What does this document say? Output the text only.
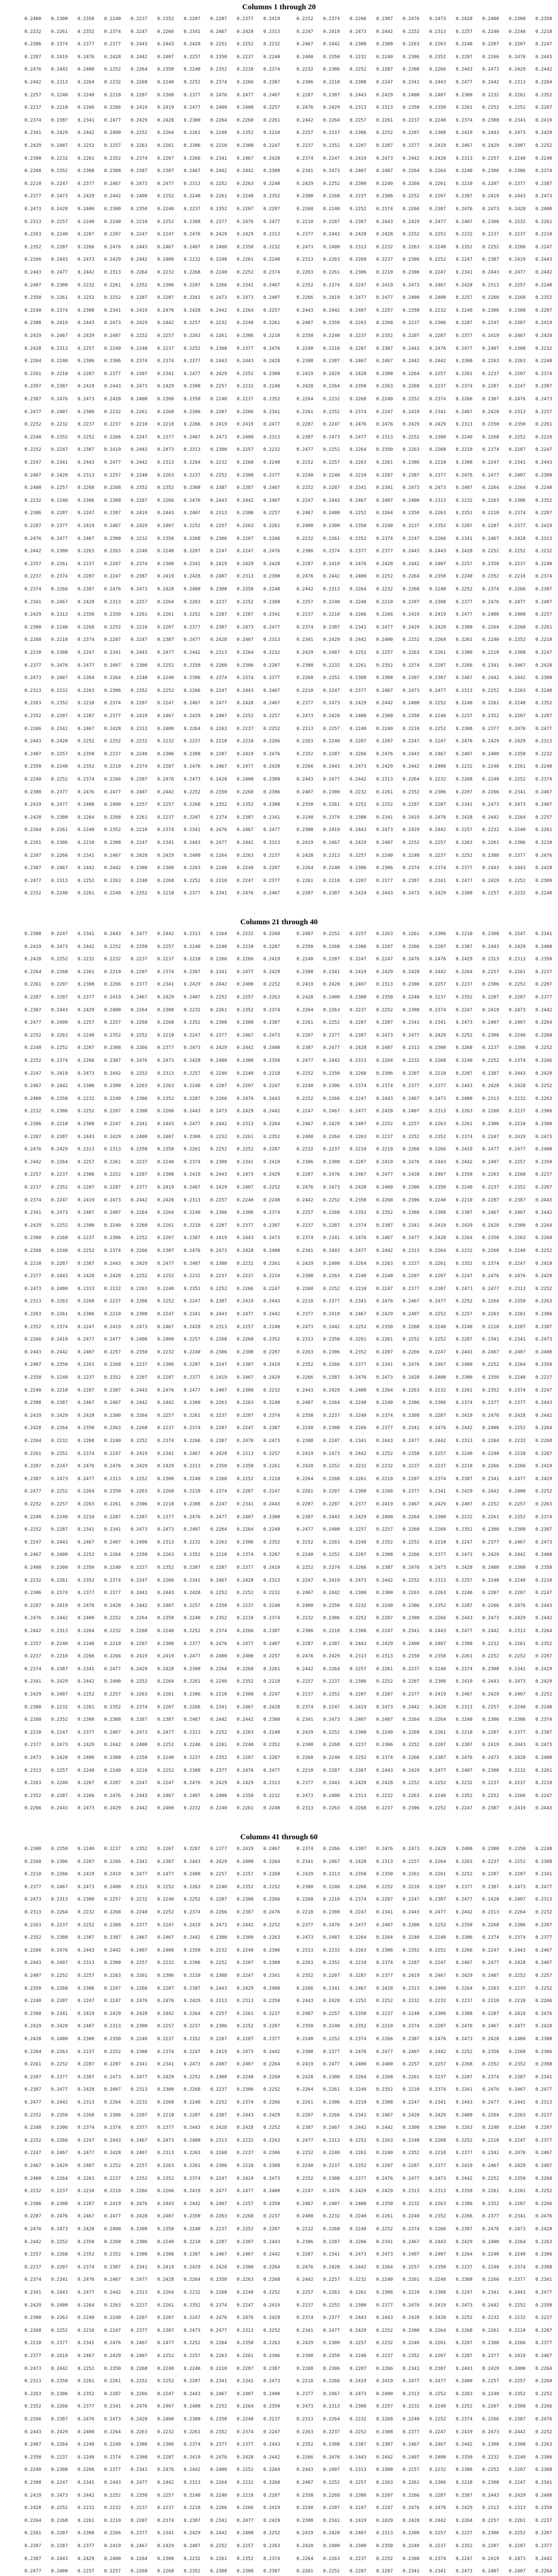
Columns 1 through 20
0.2400	0.2300	0.2350	0.2240	0.2237	0.2352	0.2207	0.2287	0.2377	0.2419
0.2232	0.2261	0.2352	0.2374	0.2247	0.2266	0.2341	0.2467	0.2428	0.2313
0.2306	0.2374	0.2377	0.2377	0.2443	0.2443	0.2428	0.2252	0.2252	0.2232
0.2287	0.2419	0.2476	0.2428	0.2442	0.2407	0.2257	0.2350	0.2237	0.2240
0.2476	0.2442	0.2400	0.2252	0.2264	0.2350	0.2240	0.2352	0.2210	0.2374
0.2442	0.2313	0.2264	0.2232	0.2268	0.2240	0.2252	0.2374	0.2266	0.2387
0.2257	0.2240	0.2240	0.2210	0.2287	0.2308	0.2377	0.2476	0.2477	0.2407
0.2237	0.2210	0.2266	0.2266	0.2419	0.2419	0.2477	0.2400	0.2400	0.2257
0.2374	0.2387	0.2341	0.2477	0.2429	0.2428	0.2300	0.2264	0.2268	0.2261
0.2341	0.2429	0.2442	0.2400	0.2252	0.2264	0.2261	0.2240	0.2352	0.2210
0.2429	0.2407	0.2252	0.2257	0.2263	0.2261	0.2306	0.2210	0.2308	0.2247
0.2300	0.2232	0.2261	0.2352	0.2374	0.2207	0.2266	0.2341	0.2467	0.2428
0.2268	0.2352	0.2308	0.2308	0.2387	0.2387	0.2467	0.2442	0.2442	0.2300
0.2210	0.2247	0.2377	0.2467	0.2473	0.2477	0.2313	0.2252	0.2263	0.2240
0.2377	0.2473	0.2429	0.2442	0.2400	0.2252	0.2240	0.2261	0.2240	0.2352
0.2473	0.2428	0.2400	0.2300	0.2350	0.2240	0.2237	0.2352	0.2207	0.2287
0.2313	0.2257	0.2240	0.2240	0.2210	0.2252	0.2308	0.2377	0.2476	0.2477
0.2263	0.2240	0.2207	0.2207	0.2247	0.2247	0.2476	0.2429	0.2429	0.2313
0.2352	0.2287	0.2266	0.2476	0.2443	0.2467	0.2407	0.2400	0.2350	0.2232
0.2266	0.2443	0.2473	0.2429	0.2442	0.2400	0.2232	0.2240	0.2261	0.2240
0.2443	0.2477	0.2442	0.2313	0.2264	0.2232	0.2268	0.2240	0.2252	0.2374
0.2407	0.2300	0.2232	0.2261	0.2352	0.2306	0.2207	0.2266	0.2341	0.2467
0.2350	0.2261	0.2252	0.2252	0.2287	0.2287	0.2341	0.2473	0.2473	0.2407
0.2240	0.2374	0.2308	0.2341	0.2419	0.2476	0.2428	0.2442	0.2264	0.2257
0.2308	0.2419	0.2443	0.2473	0.2429	0.2442	0.2257	0.2232	0.2240	0.2261
0.2419	0.2467	0.2429	0.2407	0.2252	0.2257	0.2263	0.2261	0.2306	0.2210
0.2428	0.2313	0.2257	0.2240	0.2240	0.2237	0.2252	0.2308	0.2377	0.2476
0.2264	0.2240	0.2306	0.2306	0.2374	0.2374	0.2377	0.2443	0.2443	0.2428
0.2261	0.2210	0.2207	0.2377	0.2387	0.2341	0.2477	0.2429	0.2252	0.2300
0.2207	0.2387	0.2419	0.2443	0.2473	0.2429	0.2300	0.2257	0.2232	0.2240
0.2387	0.2476	0.2473	0.2428	0.2400	0.2300	0.2350	0.2240	0.2237	0.2352
0.2477	0.2407	0.2300	0.2232	0.2261	0.2268	0.2306	0.2207	0.2266	0.2341
0.2252	0.2232	0.2237	0.2237	0.2210	0.2210	0.2266	0.2419	0.2419	0.2477
0.2240	0.2352	0.2252	0.2266	0.2247	0.2377	0.2467	0.2473	0.2400	0.2313
0.2252	0.2247	0.2387	0.2419	0.2443	0.2473	0.2313	0.2300	0.2257	0.2232
0.2247	0.2341	0.2443	0.2477	0.2442	0.2313	0.2264	0.2232	0.2268	0.2240
0.2467	0.2428	0.2313	0.2257	0.2240	0.2263	0.2237	0.2252	0.2308	0.2377
0.2400	0.2257	0.2268	0.2268	0.2352	0.2352	0.2308	0.2387	0.2387	0.2467
0.2232	0.2240	0.2306	0.2308	0.2287	0.2266	0.2476	0.2443	0.2442	0.2407
0.2306	0.2287	0.2247	0.2387	0.2419	0.2443	0.2407	0.2313	0.2300	0.2257
0.2287	0.2377	0.2419	0.2467	0.2429	0.2407	0.2252	0.2257	0.2263	0.2261
0.2476	0.2477	0.2407	0.2300	0.2232	0.2350	0.2268	0.2306	0.2207	0.2266
0.2442	0.2300	0.2263	0.2263	0.2240	0.2240	0.2207	0.2247	0.2247	0.2476
0.2257	0.2261	0.2237	0.2207	0.2374	0.2308	0.2341	0.2419	0.2429	0.2428
0.2237	0.2374	0.2287	0.2247	0.2387	0.2419	0.2428	0.2407	0.2313	0.2300
0.2374	0.2266	0.2387	0.2476	0.2473	0.2428	0.2400	0.2300	0.2350	0.2240
0.2341	0.2467	0.2428	0.2313	0.2257	0.2264	0.2263	0.2237	0.2252	0.2308
0.2429	0.2313	0.2350	0.2350	0.2261	0.2261	0.2252	0.2287	0.2287	0.2341
0.2300	0.2240	0.2268	0.2252	0.2210	0.2207	0.2377	0.2387	0.2473	0.2477
0.2268	0.2210	0.2374	0.2287	0.2247	0.2387	0.2477	0.2428	0.2407	0.2313
0.2210	0.2308	0.2247	0.2341	0.2443	0.2477	0.2442	0.2313	0.2264	0.2232
0.2377	0.2476	0.2477	0.2407	0.2300	0.2252	0.2350	0.2268	0.2306	0.2207
0.2473	0.2407	0.2264	0.2264	0.2240	0.2240	0.2306	0.2374	0.2374	0.2377
0.2313	0.2232	0.2263	0.2306	0.2352	0.2252	0.2266	0.2247	0.2443	0.2467
0.2263	0.2352	0.2210	0.2374	0.2287	0.2247	0.2467	0.2477	0.2428	0.2407
0.2352	0.2207	0.2287	0.2377	0.2419	0.2467	0.2429	0.2407	0.2252	0.2257
0.2266	0.2341	0.2467	0.2428	0.2313	0.2400	0.2264	0.2263	0.2237	0.2252
0.2443	0.2428	0.2252	0.2252	0.2232	0.2232	0.2237	0.2210	0.2210	0.2266
0.2407	0.2257	0.2350	0.2237	0.2240	0.2306	0.2308	0.2287	0.2419	0.2476
0.2350	0.2240	0.2352	0.2210	0.2374	0.2287	0.2476	0.2467	0.2477	0.2428
0.2240	0.2252	0.2374	0.2266	0.2387	0.2476	0.2473	0.2428	0.2400	0.2300
0.2308	0.2377	0.2476	0.2477	0.2407	0.2442	0.2252	0.2350	0.2268	0.2306
0.2419	0.2477	0.2400	0.2400	0.2257	0.2257	0.2268	0.2352	0.2352	0.2308
0.2428	0.2300	0.2264	0.2268	0.2261	0.2237	0.2207	0.2374	0.2387	0.2341
0.2264	0.2261	0.2240	0.2352	0.2210	0.2374	0.2341	0.2476	0.2467	0.2477
0.2261	0.2306	0.2210	0.2308	0.2247	0.2341	0.2443	0.2477	0.2442	0.2313
0.2207	0.2266	0.2341	0.2467	0.2428	0.2429	0.2400	0.2264	0.2263	0.2237
0.2387	0.2467	0.2442	0.2442	0.2300	0.2300	0.2263	0.2240	0.2240	0.2207
0.2477	0.2313	0.2252	0.2263	0.2240	0.2268	0.2252	0.2210	0.2247	0.2377
0.2252	0.2240	0.2261	0.2240	0.2352	0.2210	0.2377	0.2341	0.2476	0.2467
0.2252	0.2374	0.2266	0.2387	0.2476	0.2473	0.2428	0.2400	0.2300	0.2350
0.2247	0.2419	0.2473	0.2442	0.2252	0.2313	0.2257	0.2240	0.2240	0.2210
0.2467	0.2442	0.2300	0.2300	0.2263	0.2263	0.2240	0.2207	0.2207	0.2247
0.2400	0.2350	0.2232	0.2240	0.2306	0.2352	0.2287	0.2266	0.2476	0.2443
0.2232	0.2306	0.2252	0.2207	0.2308	0.2266	0.2443	0.2473	0.2429	0.2442
0.2306	0.2210	0.2308	0.2247	0.2341	0.2443	0.2477	0.2442	0.2313	0.2264
0.2287	0.2387	0.2443	0.2429	0.2400	0.2407	0.2300	0.2232	0.2261	0.2352
0.2476	0.2429	0.2313	0.2313	0.2350	0.2350	0.2261	0.2252	0.2252	0.2287
0.2442	0.2264	0.2257	0.2261	0.2237	0.2240	0.2374	0.2308	0.2341	0.2419
0.2257	0.2237	0.2306	0.2252	0.2207	0.2308	0.2419	0.2443	0.2473	0.2429
0.2237	0.2352	0.2207	0.2287	0.2377	0.2419	0.2467	0.2429	0.2407	0.2252
0.2374	0.2247	0.2419	0.2473	0.2442	0.2428	0.2313	0.2257	0.2240	0.2240
0.2341	0.2473	0.2407	0.2407	0.2264	0.2264	0.2240	0.2306	0.2306	0.2374
0.2429	0.2252	0.2300	0.2240	0.2268	0.2261	0.2210	0.2207	0.2377	0.2387
0.2300	0.2268	0.2237	0.2306	0.2252	0.2207	0.2387	0.2419	0.2443	0.2473
0.2268	0.2240	0.2252	0.2374	0.2266	0.2387	0.2476	0.2473	0.2428	0.2400
0.2210	0.2287	0.2387	0.2443	0.2429	0.2477	0.2407	0.2300	0.2232	0.2261
0.2377	0.2443	0.2428	0.2428	0.2252	0.2252	0.2232	0.2237	0.2237	0.2210
0.2473	0.2400	0.2313	0.2232	0.2263	0.2240	0.2352	0.2252	0.2266	0.2247
0.2313	0.2263	0.2268	0.2237	0.2306	0.2252	0.2247	0.2387	0.2419	0.2443
0.2263	0.2261	0.2306	0.2210	0.2308	0.2247	0.2341	0.2443	0.2477	0.2442
0.2352	0.2374	0.2247	0.2419	0.2473	0.2467	0.2428	0.2313	0.2257	0.2240
0.2266	0.2419	0.2477	0.2477	0.2400	0.2400	0.2257	0.2268	0.2268	0.2352
0.2443	0.2442	0.2407	0.2257	0.2350	0.2232	0.2240	0.2306	0.2308	0.2287
0.2407	0.2350	0.2263	0.2268	0.2237	0.2306	0.2287	0.2247	0.2387	0.2419
0.2350	0.2240	0.2237	0.2352	0.2207	0.2287	0.2377	0.2419	0.2467	0.2429
0.2240	0.2210	0.2287	0.2387	0.2443	0.2476	0.2477	0.2407	0.2300	0.2232
0.2308	0.2387	0.2467	0.2467	0.2442	0.2442	0.2300	0.2263	0.2263	0.2240
0.2419	0.2429	0.2428	0.2300	0.2264	0.2257	0.2261	0.2237	0.2207	0.2374
0.2428	0.2264	0.2350	0.2263	0.2268	0.2237	0.2374	0.2287	0.2247	0.2387
0.2264	0.2232	0.2268	0.2240	0.2252	0.2374	0.2266	0.2387	0.2476	0.2473
0.2261	0.2352	0.2374	0.2247	0.2419	0.2341	0.2467	0.2428	0.2313	0.2257
0.2207	0.2247	0.2476	0.2476	0.2429	0.2429	0.2313	0.2350	0.2350	0.2261
0.2387	0.2473	0.2477	0.2313	0.2252	0.2300	0.2240	0.2268	0.2252	0.2210
0.2477	0.2252	0.2264	0.2350	0.2263	0.2268	0.2210	0.2374	0.2287	0.2247
0.2252	0.2257	0.2263	0.2261	0.2306	0.2210	0.2308	0.2247	0.2341	0.2443
0.2240	0.2240	0.2210	0.2287	0.2387	0.2377	0.2476	0.2477	0.2407	0.2300
0.2252	0.2287	0.2341	0.2341	0.2473	0.2473	0.2407	0.2264	0.2264	0.2240
0.2247	0.2443	0.2467	0.2407	0.2400	0.2313	0.2232	0.2263	0.2306	0.2352
0.2467	0.2400	0.2252	0.2264	0.2350	0.2263	0.2352	0.2210	0.2374	0.2287
0.2400	0.2300	0.2350	0.2240	0.2237	0.2352	0.2207	0.2287	0.2377	0.2419
0.2232	0.2261	0.2352	0.2374	0.2247	0.2266	0.2341	0.2467	0.2428	0.2313
0.2306	0.2374	0.2377	0.2377	0.2443	0.2443	0.2428	0.2252	0.2252	0.2232
0.2287	0.2419	0.2476	0.2428	0.2442	0.2407	0.2257	0.2350	0.2237	0.2240
0.2476	0.2442	0.2400	0.2252	0.2264	0.2350	0.2240	0.2352	0.2210	0.2374
0.2442	0.2313	0.2264	0.2232	0.2268	0.2240	0.2252	0.2374	0.2266	0.2387
0.2257	0.2240	0.2240	0.2210	0.2287	0.2308	0.2377	0.2476	0.2477	0.2407
0.2237	0.2210	0.2266	0.2266	0.2419	0.2419	0.2477	0.2400	0.2400	0.2257
0.2374	0.2387	0.2341	0.2477	0.2429	0.2428	0.2300	0.2264	0.2268	0.2261
0.2341	0.2429	0.2442	0.2400	0.2252	0.2264	0.2261	0.2240	0.2352	0.2210
0.2429	0.2407	0.2252	0.2257	0.2263	0.2261	0.2306	0.2210	0.2308	0.2247
0.2300	0.2232	0.2261	0.2352	0.2374	0.2207	0.2266	0.2341	0.2467	0.2428
0.2268	0.2352	0.2308	0.2308	0.2387	0.2387	0.2467	0.2442	0.2442	0.2300
0.2210	0.2247	0.2377	0.2467	0.2473	0.2477	0.2313	0.2252	0.2263	0.2240
0.2377	0.2473	0.2429	0.2442	0.2400	0.2252	0.2240	0.2261	0.2240	0.2352
0.2473	0.2428	0.2400	0.2300	0.2350	0.2240	0.2237	0.2352	0.2207	0.2287
0.2313	0.2257	0.2240	0.2240	0.2210	0.2252	0.2308	0.2377	0.2476	0.2477
0.2263	0.2240	0.2207	0.2207	0.2247	0.2247	0.2476	0.2429	0.2429	0.2313
0.2352	0.2287	0.2266	0.2476	0.2443	0.2467	0.2407	0.2400	0.2350	0.2232
0.2266	0.2443	0.2473	0.2429	0.2442	0.2400	0.2232	0.2240	0.2261	0.2240
0.2443	0.2477	0.2442	0.2313	0.2264	0.2232	0.2268	0.2240	0.2252	0.2374
0.2407	0.2300	0.2232	0.2261	0.2352	0.2306	0.2207	0.2266	0.2341	0.2467
0.2350	0.2261	0.2252	0.2252	0.2287	0.2287	0.2341	0.2473	0.2473	0.2407
0.2240	0.2374	0.2308	0.2341	0.2419	0.2476	0.2428	0.2442	0.2264	0.2257
0.2308	0.2419	0.2443	0.2473	0.2429	0.2442	0.2257	0.2232	0.2240	0.2261
0.2419	0.2467	0.2429	0.2407	0.2252	0.2257	0.2263	0.2261	0.2306	0.2210
0.2428	0.2313	0.2257	0.2240	0.2240	0.2237	0.2252	0.2308	0.2377	0.2476
0.2264	0.2240	0.2306	0.2306	0.2374	0.2374	0.2377	0.2443	0.2443	0.2428
0.2261	0.2210	0.2207	0.2377	0.2387	0.2341	0.2477	0.2429	0.2252	0.2300
0.2207	0.2387	0.2419	0.2443	0.2473	0.2429	0.2300	0.2257	0.2232	0.2240
Columns 21 through 40
0.2308	0.2247	0.2341	0.2443	0.2477	0.2442	0.2313	0.2264	0.2232	0.2268
0.2419	0.2473	0.2442	0.2252	0.2350	0.2257	0.2240	0.2240	0.2210	0.2287
0.2428	0.2252	0.2232	0.2232	0.2237	0.2237	0.2210	0.2266	0.2266	0.2419
0.2264	0.2268	0.2261	0.2210	0.2207	0.2374	0.2387	0.2341	0.2477	0.2429
0.2261	0.2207	0.2308	0.2266	0.2377	0.2341	0.2429	0.2442	0.2400	0.2252
0.2207	0.2287	0.2377	0.2419	0.2467	0.2429	0.2407	0.2252	0.2257	0.2263
0.2387	0.2443	0.2429	0.2400	0.2264	0.2300	0.2232	0.2261	0.2352	0.2374
0.2477	0.2400	0.2257	0.2257	0.2268	0.2268	0.2352	0.2308	0.2308	0.2387
0.2252	0.2263	0.2240	0.2352	0.2252	0.2210	0.2247	0.2377	0.2467	0.2473
0.2240	0.2252	0.2207	0.2308	0.2266	0.2377	0.2473	0.2429	0.2442	0.2400
0.2252	0.2374	0.2266	0.2387	0.2476	0.2473	0.2428	0.2400	0.2300	0.2350
0.2247	0.2419	0.2473	0.2442	0.2252	0.2313	0.2257	0.2240	0.2240	0.2210
0.2467	0.2442	0.2300	0.2300	0.2263	0.2263	0.2240	0.2207	0.2207	0.2247
0.2400	0.2350	0.2232	0.2240	0.2306	0.2352	0.2287	0.2266	0.2476	0.2443
0.2232	0.2306	0.2252	0.2207	0.2308	0.2266	0.2443	0.2473	0.2429	0.2442
0.2306	0.2210	0.2308	0.2247	0.2341	0.2443	0.2477	0.2442	0.2313	0.2264
0.2287	0.2387	0.2443	0.2429	0.2400	0.2407	0.2300	0.2232	0.2261	0.2352
0.2476	0.2429	0.2313	0.2313	0.2350	0.2350	0.2261	0.2252	0.2252	0.2287
0.2442	0.2264	0.2257	0.2261	0.2237	0.2240	0.2374	0.2308	0.2341	0.2419
0.2257	0.2237	0.2306	0.2252	0.2207	0.2308	0.2419	0.2443	0.2473	0.2429
0.2237	0.2352	0.2207	0.2287	0.2377	0.2419	0.2467	0.2429	0.2407	0.2252
0.2374	0.2247	0.2419	0.2473	0.2442	0.2428	0.2313	0.2257	0.2240	0.2240
0.2341	0.2473	0.2407	0.2407	0.2264	0.2264	0.2240	0.2306	0.2306	0.2374
0.2429	0.2252	0.2300	0.2240	0.2268	0.2261	0.2210	0.2207	0.2377	0.2387
0.2300	0.2268	0.2237	0.2306	0.2252	0.2207	0.2387	0.2419	0.2443	0.2473
0.2268	0.2240	0.2252	0.2374	0.2266	0.2387	0.2476	0.2473	0.2428	0.2400
0.2210	0.2287	0.2387	0.2443	0.2429	0.2477	0.2407	0.2300	0.2232	0.2261
0.2377	0.2443	0.2428	0.2428	0.2252	0.2252	0.2232	0.2237	0.2237	0.2210
0.2473	0.2400	0.2313	0.2232	0.2263	0.2240	0.2352	0.2252	0.2266	0.2247
0.2313	0.2263	0.2268	0.2237	0.2306	0.2252	0.2247	0.2387	0.2419	0.2443
0.2263	0.2261	0.2306	0.2210	0.2308	0.2247	0.2341	0.2443	0.2477	0.2442
0.2352	0.2374	0.2247	0.2419	0.2473	0.2467	0.2428	0.2313	0.2257	0.2240
0.2266	0.2419	0.2477	0.2477	0.2400	0.2400	0.2257	0.2268	0.2268	0.2352
0.2443	0.2442	0.2407	0.2257	0.2350	0.2232	0.2240	0.2306	0.2308	0.2287
0.2407	0.2350	0.2263	0.2268	0.2237	0.2306	0.2287	0.2247	0.2387	0.2419
0.2350	0.2240	0.2237	0.2352	0.2207	0.2287	0.2377	0.2419	0.2467	0.2429
0.2240	0.2210	0.2287	0.2387	0.2443	0.2476	0.2477	0.2407	0.2300	0.2232
0.2308	0.2387	0.2467	0.2467	0.2442	0.2442	0.2300	0.2263	0.2263	0.2240
0.2419	0.2429	0.2428	0.2300	0.2264	0.2257	0.2261	0.2237	0.2207	0.2374
0.2428	0.2264	0.2350	0.2263	0.2268	0.2237	0.2374	0.2287	0.2247	0.2387
0.2264	0.2232	0.2268	0.2240	0.2252	0.2374	0.2266	0.2387	0.2476	0.2473
0.2261	0.2352	0.2374	0.2247	0.2419	0.2341	0.2467	0.2428	0.2313	0.2257
0.2207	0.2247	0.2476	0.2476	0.2429	0.2429	0.2313	0.2350	0.2350	0.2261
0.2387	0.2473	0.2477	0.2313	0.2252	0.2300	0.2240	0.2268	0.2252	0.2210
0.2477	0.2252	0.2264	0.2350	0.2263	0.2268	0.2210	0.2374	0.2287	0.2247
0.2252	0.2257	0.2263	0.2261	0.2306	0.2210	0.2308	0.2247	0.2341	0.2443
0.2240	0.2240	0.2210	0.2287	0.2387	0.2377	0.2476	0.2477	0.2407	0.2300
0.2252	0.2287	0.2341	0.2341	0.2473	0.2473	0.2407	0.2264	0.2264	0.2240
0.2247	0.2443	0.2467	0.2407	0.2400	0.2313	0.2232	0.2263	0.2306	0.2352
0.2467	0.2400	0.2252	0.2264	0.2350	0.2263	0.2352	0.2210	0.2374	0.2287
0.2400	0.2300	0.2350	0.2240	0.2237	0.2352	0.2207	0.2287	0.2377	0.2419
0.2232	0.2261	0.2352	0.2374	0.2247	0.2266	0.2341	0.2467	0.2428	0.2313
0.2306	0.2374	0.2377	0.2377	0.2443	0.2443	0.2428	0.2252	0.2252	0.2232
0.2287	0.2419	0.2476	0.2428	0.2442	0.2407	0.2257	0.2350	0.2237	0.2240
0.2476	0.2442	0.2400	0.2252	0.2264	0.2350	0.2240	0.2352	0.2210	0.2374
0.2442	0.2313	0.2264	0.2232	0.2268	0.2240	0.2252	0.2374	0.2266	0.2387
0.2257	0.2240	0.2240	0.2210	0.2287	0.2308	0.2377	0.2476	0.2477	0.2407
0.2237	0.2210	0.2266	0.2266	0.2419	0.2419	0.2477	0.2400	0.2400	0.2257
0.2374	0.2387	0.2341	0.2477	0.2429	0.2428	0.2300	0.2264	0.2268	0.2261
0.2341	0.2429	0.2442	0.2400	0.2252	0.2264	0.2261	0.2240	0.2352	0.2210
0.2429	0.2407	0.2252	0.2257	0.2263	0.2261	0.2306	0.2210	0.2308	0.2247
0.2300	0.2232	0.2261	0.2352	0.2374	0.2207	0.2266	0.2341	0.2467	0.2428
0.2268	0.2352	0.2308	0.2308	0.2387	0.2387	0.2467	0.2442	0.2442	0.2300
0.2210	0.2247	0.2377	0.2467	0.2473	0.2477	0.2313	0.2252	0.2263	0.2240
0.2377	0.2473	0.2429	0.2442	0.2400	0.2252	0.2240	0.2261	0.2240	0.2352
0.2473	0.2428	0.2400	0.2300	0.2350	0.2240	0.2237	0.2352	0.2207	0.2287
0.2313	0.2257	0.2240	0.2240	0.2210	0.2252	0.2308	0.2377	0.2476	0.2477
0.2263	0.2240	0.2207	0.2207	0.2247	0.2247	0.2476	0.2429	0.2429	0.2313
0.2352	0.2287	0.2266	0.2476	0.2443	0.2467	0.2407	0.2400	0.2350	0.2232
0.2266	0.2443	0.2473	0.2429	0.2442	0.2400	0.2232	0.2240	0.2261	0.2240
0.2407	0.2252	0.2257	0.2263	0.2261	0.2306	0.2210	0.2308	0.2247	0.2341
0.2350	0.2268	0.2306	0.2207	0.2266	0.2287	0.2387	0.2443	0.2429	0.2400
0.2240	0.2207	0.2247	0.2247	0.2476	0.2476	0.2429	0.2313	0.2313	0.2350
0.2308	0.2341	0.2419	0.2429	0.2428	0.2442	0.2264	0.2257	0.2261	0.2237
0.2419	0.2428	0.2407	0.2313	0.2300	0.2257	0.2237	0.2306	0.2252	0.2207
0.2428	0.2400	0.2300	0.2350	0.2240	0.2237	0.2352	0.2207	0.2287	0.2377
0.2264	0.2263	0.2237	0.2252	0.2308	0.2374	0.2247	0.2419	0.2473	0.2442
0.2261	0.2252	0.2287	0.2287	0.2341	0.2341	0.2473	0.2407	0.2407	0.2264
0.2207	0.2377	0.2387	0.2473	0.2477	0.2429	0.2252	0.2300	0.2240	0.2268
0.2387	0.2477	0.2428	0.2407	0.2313	0.2300	0.2268	0.2237	0.2306	0.2252
0.2477	0.2442	0.2313	0.2264	0.2232	0.2268	0.2240	0.2252	0.2374	0.2266
0.2252	0.2350	0.2268	0.2306	0.2207	0.2210	0.2287	0.2387	0.2443	0.2429
0.2240	0.2306	0.2374	0.2374	0.2377	0.2377	0.2443	0.2428	0.2428	0.2252
0.2252	0.2266	0.2247	0.2443	0.2467	0.2473	0.2400	0.2313	0.2232	0.2263
0.2247	0.2467	0.2477	0.2428	0.2407	0.2313	0.2263	0.2268	0.2237	0.2306
0.2467	0.2429	0.2407	0.2252	0.2257	0.2263	0.2261	0.2306	0.2210	0.2308
0.2400	0.2264	0.2263	0.2237	0.2252	0.2352	0.2374	0.2247	0.2419	0.2473
0.2232	0.2237	0.2210	0.2210	0.2266	0.2266	0.2419	0.2477	0.2477	0.2400
0.2306	0.2308	0.2287	0.2419	0.2476	0.2443	0.2442	0.2407	0.2257	0.2350
0.2287	0.2476	0.2467	0.2477	0.2428	0.2407	0.2350	0.2263	0.2268	0.2237
0.2476	0.2473	0.2428	0.2400	0.2300	0.2350	0.2240	0.2237	0.2352	0.2207
0.2442	0.2252	0.2350	0.2268	0.2306	0.2240	0.2210	0.2287	0.2387	0.2443
0.2257	0.2268	0.2352	0.2352	0.2308	0.2308	0.2387	0.2467	0.2467	0.2442
0.2237	0.2207	0.2374	0.2387	0.2341	0.2419	0.2429	0.2428	0.2300	0.2264
0.2374	0.2341	0.2476	0.2467	0.2477	0.2428	0.2264	0.2350	0.2263	0.2268
0.2341	0.2443	0.2477	0.2442	0.2313	0.2264	0.2232	0.2268	0.2240	0.2252
0.2429	0.2400	0.2264	0.2263	0.2237	0.2261	0.2352	0.2374	0.2247	0.2419
0.2300	0.2263	0.2240	0.2240	0.2207	0.2207	0.2247	0.2476	0.2476	0.2429
0.2268	0.2252	0.2210	0.2247	0.2377	0.2387	0.2473	0.2477	0.2313	0.2252
0.2210	0.2377	0.2341	0.2476	0.2467	0.2477	0.2252	0.2264	0.2350	0.2263
0.2377	0.2419	0.2467	0.2429	0.2407	0.2252	0.2257	0.2263	0.2261	0.2306
0.2473	0.2442	0.2252	0.2350	0.2268	0.2240	0.2240	0.2210	0.2287	0.2387
0.2313	0.2350	0.2261	0.2261	0.2252	0.2252	0.2287	0.2341	0.2341	0.2473
0.2263	0.2306	0.2352	0.2287	0.2266	0.2247	0.2443	0.2467	0.2407	0.2400
0.2352	0.2266	0.2377	0.2341	0.2476	0.2467	0.2400	0.2252	0.2264	0.2350
0.2266	0.2387	0.2476	0.2473	0.2428	0.2400	0.2300	0.2350	0.2240	0.2237
0.2443	0.2429	0.2400	0.2264	0.2263	0.2232	0.2261	0.2352	0.2374	0.2247
0.2407	0.2264	0.2240	0.2240	0.2306	0.2306	0.2374	0.2377	0.2377	0.2443
0.2350	0.2237	0.2240	0.2374	0.2308	0.2287	0.2419	0.2476	0.2428	0.2442
0.2240	0.2308	0.2266	0.2377	0.2341	0.2476	0.2442	0.2400	0.2252	0.2264
0.2308	0.2247	0.2341	0.2443	0.2477	0.2442	0.2313	0.2264	0.2232	0.2268
0.2419	0.2473	0.2442	0.2252	0.2350	0.2257	0.2240	0.2240	0.2210	0.2287
0.2428	0.2252	0.2232	0.2232	0.2237	0.2237	0.2210	0.2266	0.2266	0.2419
0.2264	0.2268	0.2261	0.2210	0.2207	0.2374	0.2387	0.2341	0.2477	0.2429
0.2261	0.2207	0.2308	0.2266	0.2377	0.2341	0.2429	0.2442	0.2400	0.2252
0.2207	0.2287	0.2377	0.2419	0.2467	0.2429	0.2407	0.2252	0.2257	0.2263
0.2387	0.2443	0.2429	0.2400	0.2264	0.2300	0.2232	0.2261	0.2352	0.2374
0.2477	0.2400	0.2257	0.2257	0.2268	0.2268	0.2352	0.2308	0.2308	0.2387
0.2252	0.2263	0.2240	0.2352	0.2252	0.2210	0.2247	0.2377	0.2467	0.2473
0.2240	0.2252	0.2207	0.2308	0.2266	0.2377	0.2473	0.2429	0.2442	0.2400
0.2252	0.2374	0.2266	0.2387	0.2476	0.2473	0.2428	0.2400	0.2300	0.2350
0.2247	0.2419	0.2473	0.2442	0.2252	0.2313	0.2257	0.2240	0.2240	0.2210
0.2467	0.2442	0.2300	0.2300	0.2263	0.2263	0.2240	0.2207	0.2207	0.2247
0.2400	0.2350	0.2232	0.2240	0.2306	0.2352	0.2287	0.2266	0.2476	0.2443
0.2232	0.2306	0.2252	0.2207	0.2308	0.2266	0.2443	0.2473	0.2429	0.2442
0.2306	0.2210	0.2308	0.2247	0.2341	0.2443	0.2477	0.2442	0.2313	0.2264
0.2287	0.2387	0.2443	0.2429	0.2400	0.2407	0.2300	0.2232	0.2261	0.2352
0.2476	0.2429	0.2313	0.2313	0.2350	0.2350	0.2261	0.2252	0.2252	0.2287
0.2442	0.2264	0.2257	0.2261	0.2237	0.2240	0.2374	0.2308	0.2341	0.2419
0.2257	0.2237	0.2306	0.2252	0.2207	0.2308	0.2419	0.2443	0.2473	0.2429
0.2237	0.2352	0.2207	0.2287	0.2377	0.2419	0.2467	0.2429	0.2407	0.2252
0.2374	0.2247	0.2419	0.2473	0.2442	0.2428	0.2313	0.2257	0.2240	0.2240
0.2341	0.2473	0.2407	0.2407	0.2264	0.2264	0.2240	0.2306	0.2306	0.2374
0.2429	0.2252	0.2300	0.2240	0.2268	0.2261	0.2210	0.2207	0.2377	0.2387
0.2300	0.2268	0.2237	0.2306	0.2252	0.2207	0.2387	0.2419	0.2443	0.2473
0.2268	0.2240	0.2252	0.2374	0.2266	0.2387	0.2476	0.2473	0.2428	0.2400
0.2210	0.2287	0.2387	0.2443	0.2429	0.2477	0.2407	0.2300	0.2232	0.2261
0.2377	0.2443	0.2428	0.2428	0.2252	0.2252	0.2232	0.2237	0.2237	0.2210
0.2473	0.2400	0.2313	0.2232	0.2263	0.2240	0.2352	0.2252	0.2266	0.2247
0.2313	0.2263	0.2268	0.2237	0.2306	0.2252	0.2247	0.2387	0.2419	0.2443
Columns 41 through 60
0.2300	0.2350	0.2240	0.2237	0.2352	0.2207	0.2287	0.2377	0.2419	0.2467
0.2268	0.2306	0.2207	0.2266	0.2341	0.2387	0.2443	0.2429	0.2400	0.2264
0.2210	0.2266	0.2419	0.2419	0.2477	0.2477	0.2400	0.2257	0.2257	0.2268
0.2377	0.2467	0.2473	0.2400	0.2313	0.2252	0.2263	0.2240	0.2352	0.2252
0.2473	0.2313	0.2300	0.2257	0.2232	0.2240	0.2252	0.2207	0.2308	0.2266
0.2313	0.2264	0.2232	0.2268	0.2240	0.2252	0.2374	0.2266	0.2387	0.2476
0.2263	0.2237	0.2252	0.2308	0.2377	0.2247	0.2419	0.2473	0.2442	0.2252
0.2352	0.2308	0.2387	0.2387	0.2467	0.2467	0.2442	0.2300	0.2300	0.2263
0.2266	0.2476	0.2443	0.2442	0.2407	0.2400	0.2350	0.2232	0.2240	0.2306
0.2443	0.2407	0.2313	0.2300	0.2257	0.2232	0.2306	0.2252	0.2207	0.2308
0.2407	0.2252	0.2257	0.2263	0.2261	0.2306	0.2210	0.2308	0.2247	0.2341
0.2350	0.2268	0.2306	0.2207	0.2266	0.2287	0.2387	0.2443	0.2429	0.2400
0.2240	0.2207	0.2247	0.2247	0.2476	0.2476	0.2429	0.2313	0.2313	0.2350
0.2308	0.2341	0.2419	0.2429	0.2428	0.2442	0.2264	0.2257	0.2261	0.2237
0.2419	0.2428	0.2407	0.2313	0.2300	0.2257	0.2237	0.2306	0.2252	0.2207
0.2428	0.2400	0.2300	0.2350	0.2240	0.2237	0.2352	0.2207	0.2287	0.2377
0.2264	0.2263	0.2237	0.2252	0.2308	0.2374	0.2247	0.2419	0.2473	0.2442
0.2261	0.2252	0.2287	0.2287	0.2341	0.2341	0.2473	0.2407	0.2407	0.2264
0.2207	0.2377	0.2387	0.2473	0.2477	0.2429	0.2252	0.2300	0.2240	0.2268
0.2387	0.2477	0.2428	0.2407	0.2313	0.2300	0.2268	0.2237	0.2306	0.2252
0.2477	0.2442	0.2313	0.2264	0.2232	0.2268	0.2240	0.2252	0.2374	0.2266
0.2252	0.2350	0.2268	0.2306	0.2207	0.2210	0.2287	0.2387	0.2443	0.2429
0.2240	0.2306	0.2374	0.2374	0.2377	0.2377	0.2443	0.2428	0.2428	0.2252
0.2252	0.2266	0.2247	0.2443	0.2467	0.2473	0.2400	0.2313	0.2232	0.2263
0.2247	0.2467	0.2477	0.2428	0.2407	0.2313	0.2263	0.2268	0.2237	0.2306
0.2467	0.2429	0.2407	0.2252	0.2257	0.2263	0.2261	0.2306	0.2210	0.2308
0.2400	0.2264	0.2263	0.2237	0.2252	0.2352	0.2374	0.2247	0.2419	0.2473
0.2232	0.2237	0.2210	0.2210	0.2266	0.2266	0.2419	0.2477	0.2477	0.2400
0.2306	0.2308	0.2287	0.2419	0.2476	0.2443	0.2442	0.2407	0.2257	0.2350
0.2287	0.2476	0.2467	0.2477	0.2428	0.2407	0.2350	0.2263	0.2268	0.2237
0.2476	0.2473	0.2428	0.2400	0.2300	0.2350	0.2240	0.2237	0.2352	0.2207
0.2442	0.2252	0.2350	0.2268	0.2306	0.2240	0.2210	0.2287	0.2387	0.2443
0.2257	0.2268	0.2352	0.2352	0.2308	0.2308	0.2387	0.2467	0.2467	0.2442
0.2237	0.2207	0.2374	0.2387	0.2341	0.2419	0.2429	0.2428	0.2300	0.2264
0.2374	0.2341	0.2476	0.2467	0.2477	0.2428	0.2264	0.2350	0.2263	0.2268
0.2341	0.2443	0.2477	0.2442	0.2313	0.2264	0.2232	0.2268	0.2240	0.2252
0.2429	0.2400	0.2264	0.2263	0.2237	0.2261	0.2352	0.2374	0.2247	0.2419
0.2300	0.2263	0.2240	0.2240	0.2207	0.2207	0.2247	0.2476	0.2476	0.2429
0.2268	0.2252	0.2210	0.2247	0.2377	0.2387	0.2473	0.2477	0.2313	0.2252
0.2210	0.2377	0.2341	0.2476	0.2467	0.2477	0.2252	0.2264	0.2350	0.2263
0.2377	0.2419	0.2467	0.2429	0.2407	0.2252	0.2257	0.2263	0.2261	0.2306
0.2473	0.2442	0.2252	0.2350	0.2268	0.2240	0.2240	0.2210	0.2287	0.2387
0.2313	0.2350	0.2261	0.2261	0.2252	0.2252	0.2287	0.2341	0.2341	0.2473
0.2263	0.2306	0.2352	0.2287	0.2266	0.2247	0.2443	0.2467	0.2407	0.2400
0.2352	0.2266	0.2377	0.2341	0.2476	0.2467	0.2400	0.2252	0.2264	0.2350
0.2266	0.2387	0.2476	0.2473	0.2428	0.2400	0.2300	0.2350	0.2240	0.2237
0.2443	0.2429	0.2400	0.2264	0.2263	0.2232	0.2261	0.2352	0.2374	0.2247
0.2407	0.2264	0.2240	0.2240	0.2306	0.2306	0.2374	0.2377	0.2377	0.2443
0.2350	0.2237	0.2240	0.2374	0.2308	0.2287	0.2419	0.2476	0.2428	0.2442
0.2240	0.2308	0.2266	0.2377	0.2341	0.2476	0.2442	0.2400	0.2252	0.2264
0.2308	0.2247	0.2341	0.2443	0.2477	0.2442	0.2313	0.2264	0.2232	0.2268
0.2419	0.2473	0.2442	0.2252	0.2350	0.2257	0.2240	0.2240	0.2210	0.2287
0.2428	0.2252	0.2232	0.2232	0.2237	0.2237	0.2210	0.2266	0.2266	0.2419
0.2264	0.2268	0.2261	0.2210	0.2207	0.2374	0.2387	0.2341	0.2477	0.2429
0.2261	0.2207	0.2308	0.2266	0.2377	0.2341	0.2429	0.2442	0.2400	0.2252
0.2207	0.2287	0.2377	0.2419	0.2467	0.2429	0.2407	0.2252	0.2257	0.2263
0.2387	0.2443	0.2429	0.2400	0.2264	0.2300	0.2232	0.2261	0.2352	0.2374
0.2477	0.2400	0.2257	0.2257	0.2268	0.2268	0.2352	0.2308	0.2308	0.2387
0.2374	0.2266	0.2387	0.2476	0.2473	0.2428	0.2400	0.2300	0.2350	0.2240
0.2341	0.2467	0.2428	0.2313	0.2257	0.2264	0.2263	0.2237	0.2252	0.2308
0.2429	0.2313	0.2350	0.2350	0.2261	0.2261	0.2252	0.2287	0.2287	0.2341
0.2300	0.2240	0.2268	0.2252	0.2210	0.2207	0.2377	0.2387	0.2473	0.2477
0.2268	0.2210	0.2374	0.2287	0.2247	0.2387	0.2477	0.2428	0.2407	0.2313
0.2210	0.2308	0.2247	0.2341	0.2443	0.2477	0.2442	0.2313	0.2264	0.2232
0.2377	0.2476	0.2477	0.2407	0.2300	0.2252	0.2350	0.2268	0.2306	0.2207
0.2473	0.2407	0.2264	0.2264	0.2240	0.2240	0.2306	0.2374	0.2374	0.2377
0.2313	0.2232	0.2263	0.2306	0.2352	0.2252	0.2266	0.2247	0.2443	0.2467
0.2263	0.2352	0.2210	0.2374	0.2287	0.2247	0.2467	0.2477	0.2428	0.2407
0.2352	0.2207	0.2287	0.2377	0.2419	0.2467	0.2429	0.2407	0.2252	0.2257
0.2266	0.2341	0.2467	0.2428	0.2313	0.2400	0.2264	0.2263	0.2237	0.2252
0.2443	0.2428	0.2252	0.2252	0.2232	0.2232	0.2237	0.2210	0.2210	0.2266
0.2407	0.2257	0.2350	0.2237	0.2240	0.2306	0.2308	0.2287	0.2419	0.2476
0.2350	0.2240	0.2352	0.2210	0.2374	0.2287	0.2476	0.2467	0.2477	0.2428
0.2240	0.2252	0.2374	0.2266	0.2387	0.2476	0.2473	0.2428	0.2400	0.2300
0.2308	0.2377	0.2476	0.2477	0.2407	0.2442	0.2252	0.2350	0.2268	0.2306
0.2419	0.2477	0.2400	0.2400	0.2257	0.2257	0.2268	0.2352	0.2352	0.2308
0.2428	0.2300	0.2264	0.2268	0.2261	0.2237	0.2207	0.2374	0.2387	0.2341
0.2264	0.2261	0.2240	0.2352	0.2210	0.2374	0.2341	0.2476	0.2467	0.2477
0.2261	0.2306	0.2210	0.2308	0.2247	0.2341	0.2443	0.2477	0.2442	0.2313
0.2207	0.2266	0.2341	0.2467	0.2428	0.2429	0.2400	0.2264	0.2263	0.2237
0.2387	0.2467	0.2442	0.2442	0.2300	0.2300	0.2263	0.2240	0.2240	0.2207
0.2477	0.2313	0.2252	0.2263	0.2240	0.2268	0.2252	0.2210	0.2247	0.2377
0.2252	0.2240	0.2261	0.2240	0.2352	0.2210	0.2377	0.2341	0.2476	0.2467
0.2240	0.2237	0.2352	0.2207	0.2287	0.2377	0.2419	0.2467	0.2429	0.2407
0.2252	0.2308	0.2377	0.2476	0.2477	0.2473	0.2442	0.2252	0.2350	0.2268
0.2247	0.2476	0.2429	0.2429	0.2313	0.2313	0.2350	0.2261	0.2261	0.2252
0.2467	0.2407	0.2400	0.2350	0.2232	0.2263	0.2306	0.2352	0.2287	0.2266
0.2400	0.2232	0.2240	0.2261	0.2240	0.2352	0.2266	0.2377	0.2341	0.2476
0.2232	0.2268	0.2240	0.2252	0.2374	0.2266	0.2387	0.2476	0.2473	0.2428
0.2306	0.2207	0.2266	0.2341	0.2467	0.2443	0.2429	0.2400	0.2264	0.2263
0.2287	0.2341	0.2473	0.2473	0.2407	0.2407	0.2264	0.2240	0.2240	0.2306
0.2476	0.2428	0.2442	0.2264	0.2257	0.2350	0.2237	0.2240	0.2374	0.2308
0.2442	0.2257	0.2232	0.2240	0.2261	0.2240	0.2308	0.2266	0.2377	0.2341
0.2257	0.2263	0.2261	0.2306	0.2210	0.2308	0.2247	0.2341	0.2443	0.2477
0.2237	0.2252	0.2308	0.2377	0.2476	0.2419	0.2473	0.2442	0.2252	0.2350
0.2374	0.2377	0.2443	0.2443	0.2428	0.2428	0.2252	0.2232	0.2232	0.2237
0.2341	0.2477	0.2429	0.2252	0.2300	0.2264	0.2268	0.2261	0.2210	0.2207
0.2429	0.2300	0.2257	0.2232	0.2240	0.2261	0.2207	0.2308	0.2266	0.2377
0.2300	0.2350	0.2240	0.2237	0.2352	0.2207	0.2287	0.2377	0.2419	0.2467
0.2268	0.2306	0.2207	0.2266	0.2341	0.2387	0.2443	0.2429	0.2400	0.2264
0.2210	0.2266	0.2419	0.2419	0.2477	0.2477	0.2400	0.2257	0.2257	0.2268
0.2377	0.2467	0.2473	0.2400	0.2313	0.2252	0.2263	0.2240	0.2352	0.2252
0.2473	0.2313	0.2300	0.2257	0.2232	0.2240	0.2252	0.2207	0.2308	0.2266
0.2313	0.2264	0.2232	0.2268	0.2240	0.2252	0.2374	0.2266	0.2387	0.2476
0.2263	0.2237	0.2252	0.2308	0.2377	0.2247	0.2419	0.2473	0.2442	0.2252
0.2352	0.2308	0.2387	0.2387	0.2467	0.2467	0.2442	0.2300	0.2300	0.2263
0.2266	0.2476	0.2443	0.2442	0.2407	0.2400	0.2350	0.2232	0.2240	0.2306
0.2443	0.2407	0.2313	0.2300	0.2257	0.2232	0.2306	0.2252	0.2207	0.2308
0.2407	0.2252	0.2257	0.2263	0.2261	0.2306	0.2210	0.2308	0.2247	0.2341
0.2350	0.2268	0.2306	0.2207	0.2266	0.2287	0.2387	0.2443	0.2429	0.2400
0.2240	0.2207	0.2247	0.2247	0.2476	0.2476	0.2429	0.2313	0.2313	0.2350
0.2308	0.2341	0.2419	0.2429	0.2428	0.2442	0.2264	0.2257	0.2261	0.2237
0.2419	0.2428	0.2407	0.2313	0.2300	0.2257	0.2237	0.2306	0.2252	0.2207
0.2428	0.2400	0.2300	0.2350	0.2240	0.2237	0.2352	0.2207	0.2287	0.2377
0.2264	0.2263	0.2237	0.2252	0.2308	0.2374	0.2247	0.2419	0.2473	0.2442
0.2261	0.2252	0.2287	0.2287	0.2341	0.2341	0.2473	0.2407	0.2407	0.2264
